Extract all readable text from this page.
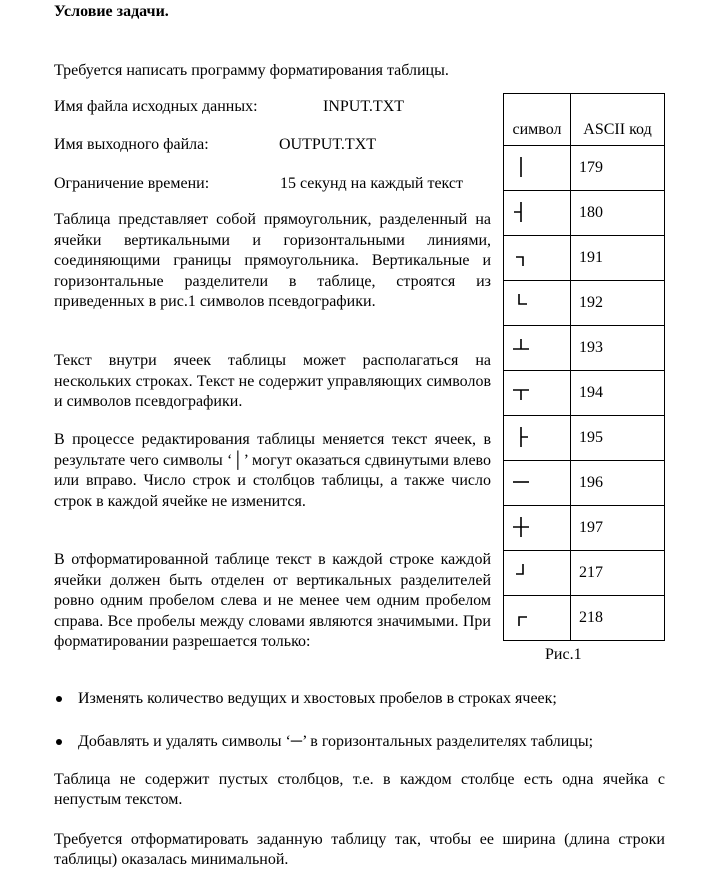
Условие задачи.
Требуется написать программу форматирования таблицы.
Имя файла исходных данных:	INPUT.TXT
Имя выходного файла:	OUTPUT.TXT
Ограничение времени:	15 секунд на каждый текст
Таблица представляет собой прямоугольник, разделенный на ячейки вертикальными и горизонтальными линиями, соединяющими границы прямоугольника. Вертикальные и горизонтальные разделители в таблице, строятся из приведенных в рис.1 символов псевдографики.
Текст внутри ячеек таблицы может располагаться на нескольких строках. Текст не содержит управляющих символов и символов псевдографики.
В процессе редактирования таблицы меняется текст ячеек, в результате чего символы ‘│’ могут оказаться сдвинутыми влево или вправо. Число строк и столбцов таблицы, а также число строк в каждой ячейке не изменится.
В отформатированной таблице текст в каждой строке каждой ячейки должен быть отделен от вертикальных разделителей ровно одним пробелом слева и не менее чем одним пробелом справа. Все пробелы между словами являются значимыми. При форматировании разрешается только:
символ	ASCII код

	179

	180

	191

	192

	193

	194

	195

	196

	197

	217

	218
Рис.1
Изменять количество ведущих и хвостовых пробелов в строках ячеек;
Добавлять и удалять символы ‘─’ в горизонтальных разделителях таблицы;
Таблица не содержит пустых столбцов, т.е. в каждом столбце есть одна ячейка с непустым текстом.
Требуется отформатировать заданную таблицу так, чтобы ее ширина (длина строки таблицы) оказалась минимальной.
